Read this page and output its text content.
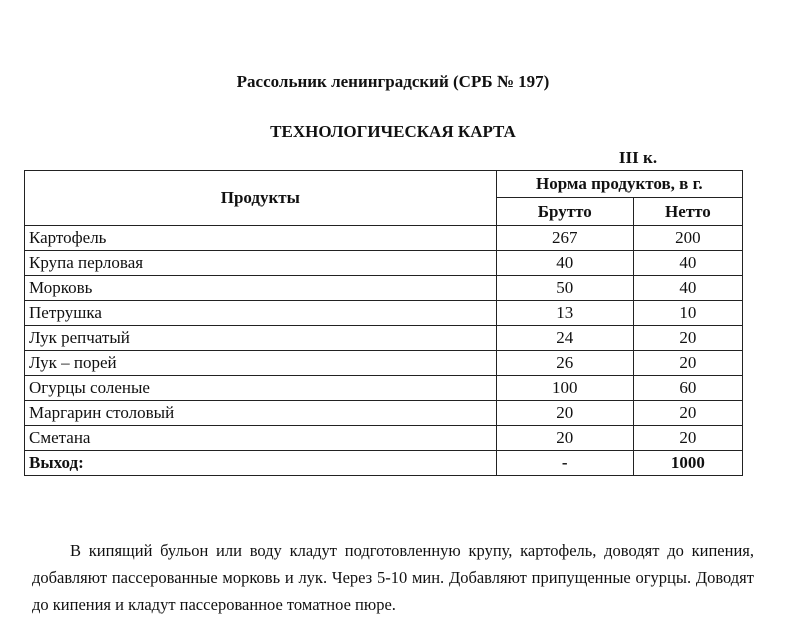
Рассольник ленинградский (СРБ № 197)
ТЕХНОЛОГИЧЕСКАЯ КАРТА
III к.
Продукты	Норма продуктов, в г.	
	Брутто	Нетто
Картофель	267	200
Крупа перловая	40	40
Морковь	50	40
Петрушка	13	10
Лук репчатый	24	20
Лук – порей	26	20
Огурцы соленые	100	60
Маргарин столовый	20	20
Сметана	20	20
Выход:	-	1000

В кипящий бульон или воду кладут подготовленную крупу, картофель, доводят до кипения, добавляют пассерованные морковь и лук. Через 5-10 мин. Добавляют припущенные огурцы. Доводят до кипения и кладут пассерованное томатное пюре.
